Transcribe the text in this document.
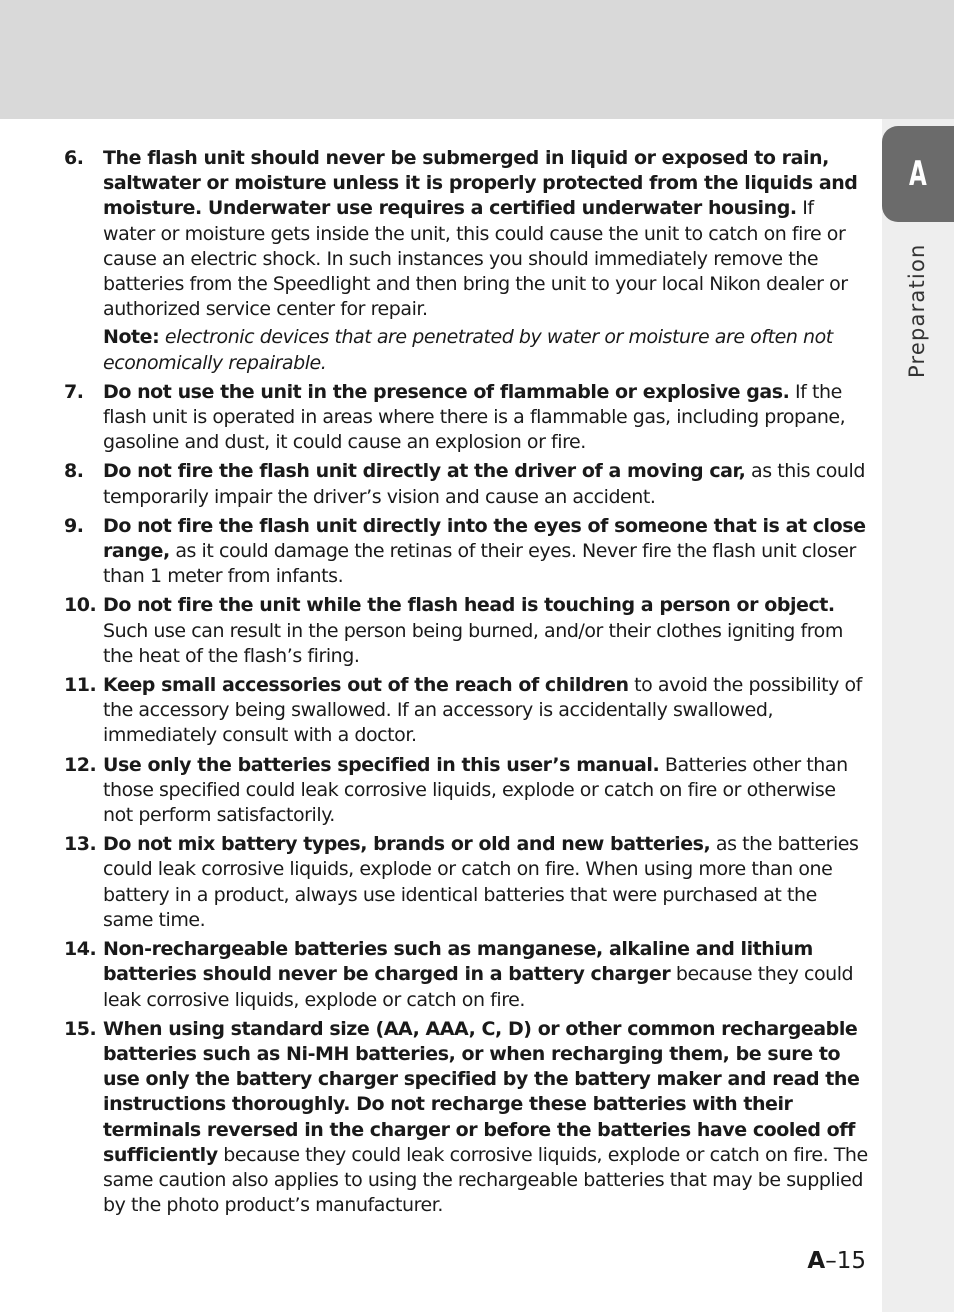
A
Preparation
6. The flash unit should never be submerged in liquid or exposed to rain, saltwater or moisture unless it is properly protected from the liquids and moisture. Underwater use requires a certified underwater housing. If water or moisture gets inside the unit, this could cause the unit to catch on fire or cause an electric shock. In such instances you should immediately remove the batteries from the Speedlight and then bring the unit to your local Nikon dealer or authorized service center for repair.
Note: electronic devices that are penetrated by water or moisture are often not economically repairable.
7. Do not use the unit in the presence of flammable or explosive gas. If the flash unit is operated in areas where there is a flammable gas, including propane, gasoline and dust, it could cause an explosion or fire.
8. Do not fire the flash unit directly at the driver of a moving car, as this could temporarily impair the driver’s vision and cause an accident.
9. Do not fire the flash unit directly into the eyes of someone that is at close range, as it could damage the retinas of their eyes. Never fire the flash unit closer than 1 meter from infants.
10. Do not fire the unit while the flash head is touching a person or object. Such use can result in the person being burned, and/or their clothes igniting from the heat of the flash’s firing.
11. Keep small accessories out of the reach of children to avoid the possibility of the accessory being swallowed. If an accessory is accidentally swallowed, immediately consult with a doctor.
12. Use only the batteries specified in this user’s manual. Batteries other than those specified could leak corrosive liquids, explode or catch on fire or otherwise not perform satisfactorily.
13. Do not mix battery types, brands or old and new batteries, as the batteries could leak corrosive liquids, explode or catch on fire. When using more than one battery in a product, always use identical batteries that were purchased at the same time.
14. Non-rechargeable batteries such as manganese, alkaline and lithium batteries should never be charged in a battery charger because they could leak corrosive liquids, explode or catch on fire.
15. When using standard size (AA, AAA, C, D) or other common rechargeable batteries such as Ni-MH batteries, or when recharging them, be sure to use only the battery charger specified by the battery maker and read the instructions thoroughly. Do not recharge these batteries with their terminals reversed in the charger or before the batteries have cooled off sufficiently because they could leak corrosive liquids, explode or catch on fire. The same caution also applies to using the rechargeable batteries that may be supplied by the photo product’s manufacturer.
A–15
